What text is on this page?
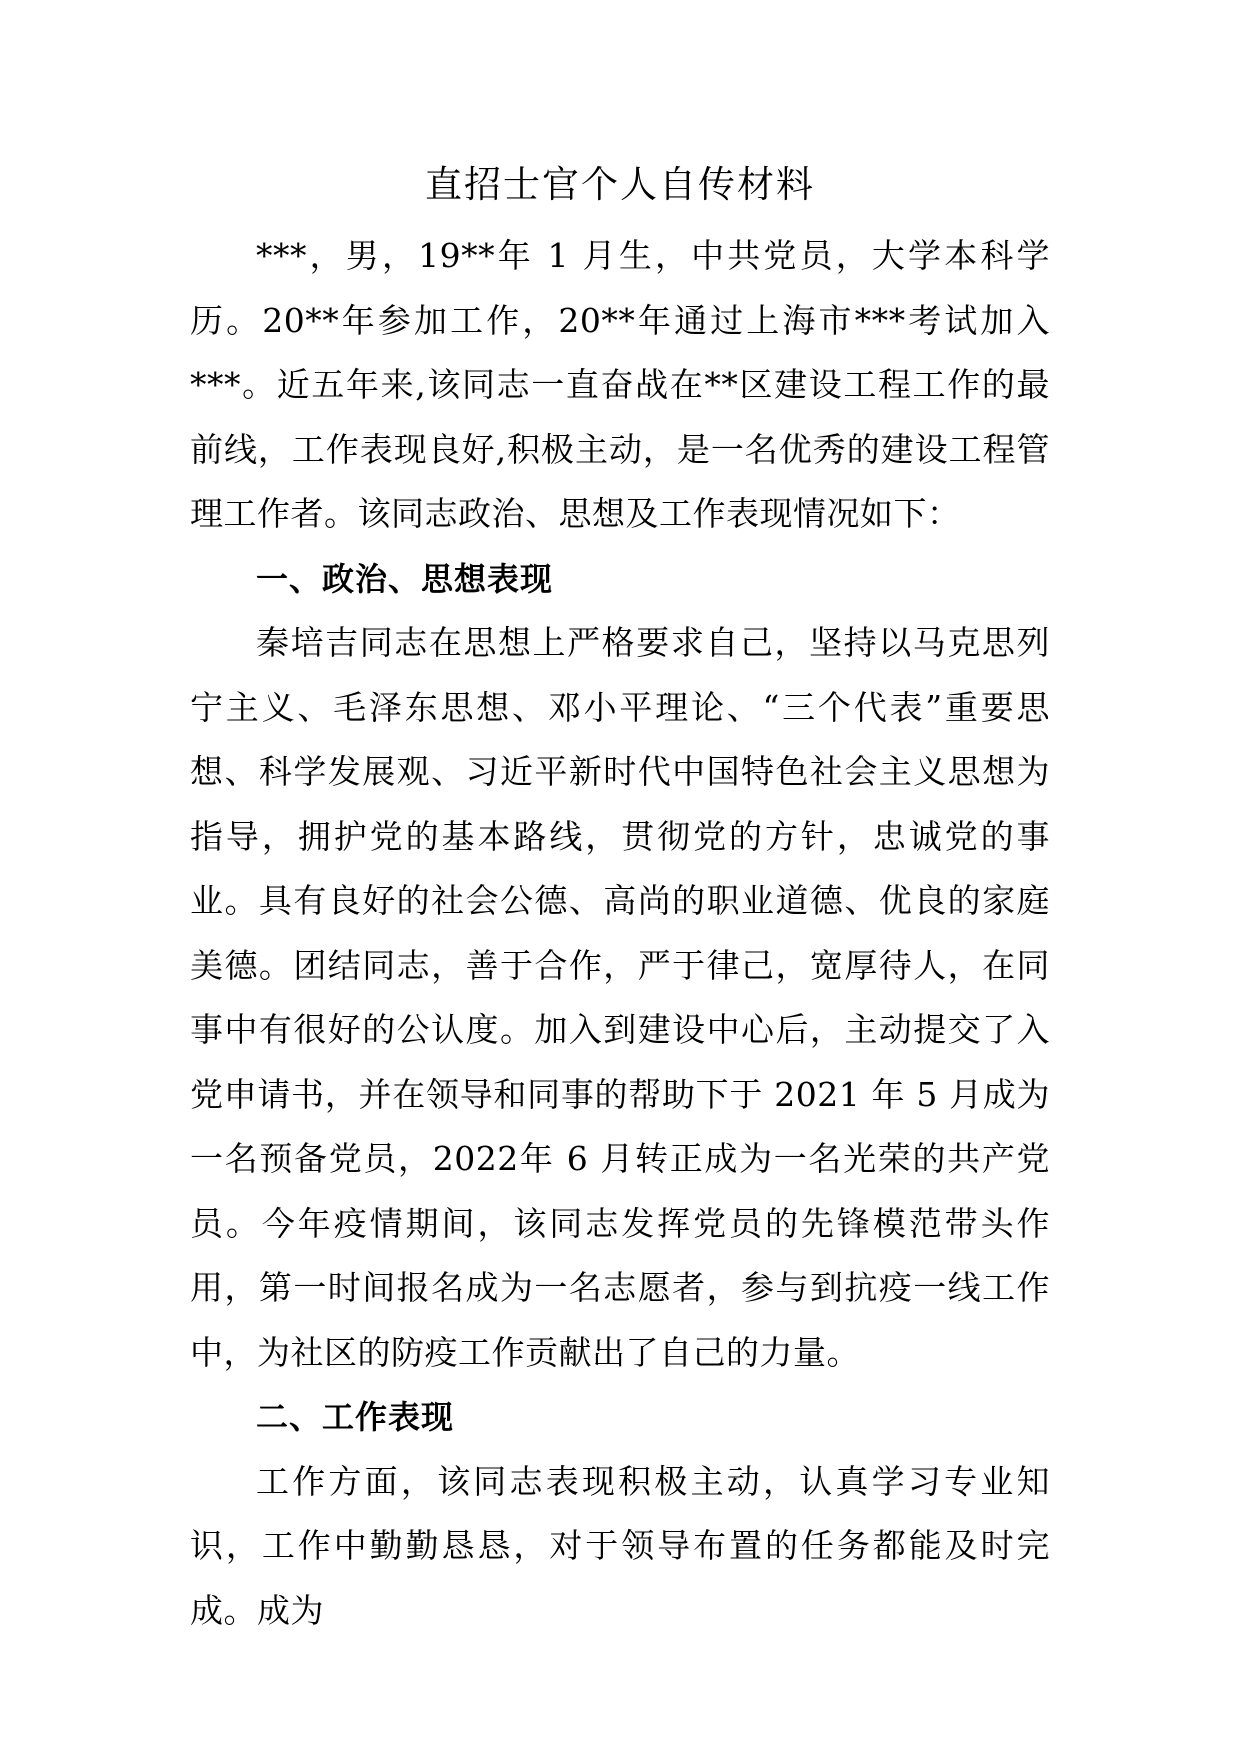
直招士官个人自传材料

***，男，19**年 1 月生，中共党员，大学本科学历。20**年参加工作，20**年通过上海市***考试加入***。近五年来,该同志一直奋战在**区建设工程工作的最前线，工作表现良好,积极主动，是一名优秀的建设工程管理工作者。该同志政治、思想及工作表现情况如下：

一、政治、思想表现

秦培吉同志在思想上严格要求自己，坚持以马克思列宁主义、毛泽东思想、邓小平理论、“三个代表”重要思想、科学发展观、习近平新时代中国特色社会主义思想为指导，拥护党的基本路线，贯彻党的方针，忠诚党的事业。具有良好的社会公德、高尚的职业道德、优良的家庭美德。团结同志，善于合作，严于律己，宽厚待人，在同事中有很好的公认度。加入到建设中心后，主动提交了入党申请书，并在领导和同事的帮助下于 2021 年 5 月成为一名预备党员，2022年 6 月转正成为一名光荣的共产党员。今年疫情期间，该同志发挥党员的先锋模范带头作用，第一时间报名成为一名志愿者，参与到抗疫一线工作中，为社区的防疫工作贡献出了自己的力量。

二、工作表现

工作方面，该同志表现积极主动，认真学习专业知识，工作中勤勤恳恳，对于领导布置的任务都能及时完成。成为
